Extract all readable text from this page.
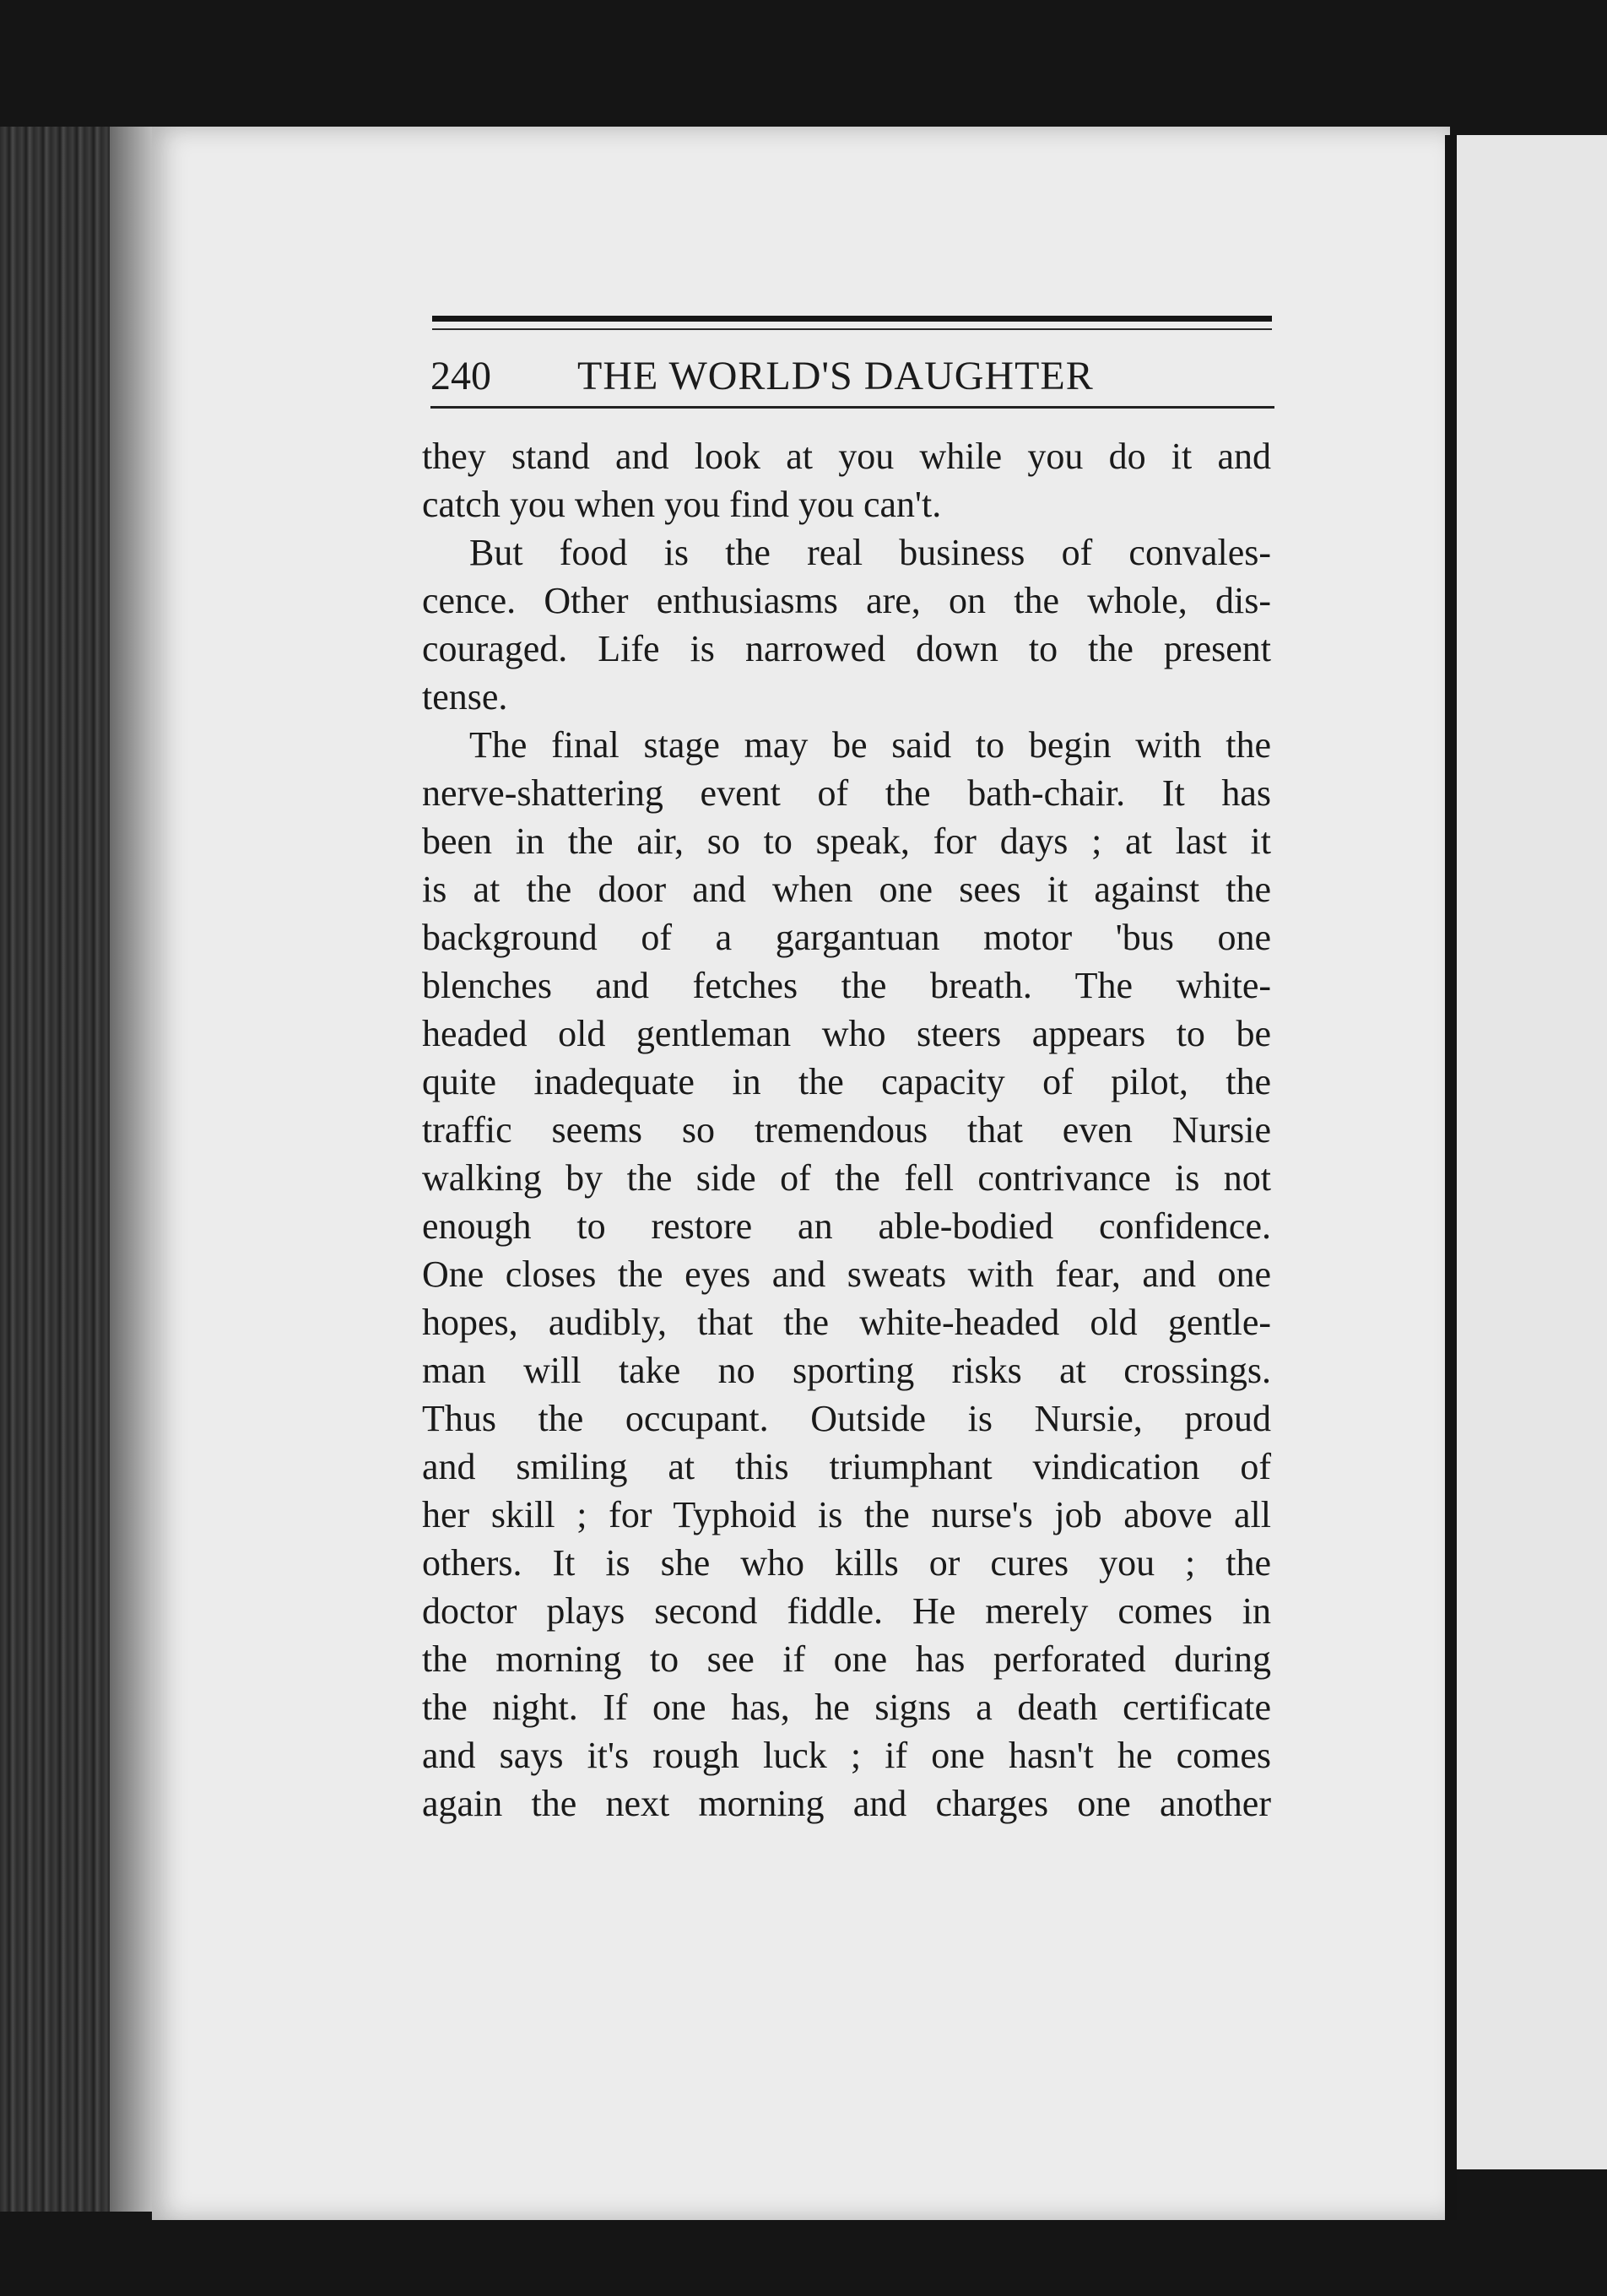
240 THE WORLD'S DAUGHTER
they stand and look at you while you do it and
catch you when you find you can't.
But food is the real business of convales-
cence. Other enthusiasms are, on the whole, dis-
couraged. Life is narrowed down to the present
tense.
The final stage may be said to begin with the
nerve-shattering event of the bath-chair. It has
been in the air, so to speak, for days ; at last it
is at the door and when one sees it against the
background of a gargantuan motor 'bus one
blenches and fetches the breath. The white-
headed old gentleman who steers appears to be
quite inadequate in the capacity of pilot, the
traffic seems so tremendous that even Nursie
walking by the side of the fell contrivance is not
enough to restore an able-bodied confidence.
One closes the eyes and sweats with fear, and one
hopes, audibly, that the white-headed old gentle-
man will take no sporting risks at crossings.
Thus the occupant. Outside is Nursie, proud
and smiling at this triumphant vindication of
her skill ; for Typhoid is the nurse's job above all
others. It is she who kills or cures you ; the
doctor plays second fiddle. He merely comes in
the morning to see if one has perforated during
the night. If one has, he signs a death certificate
and says it's rough luck ; if one hasn't he comes
again the next morning and charges one another
